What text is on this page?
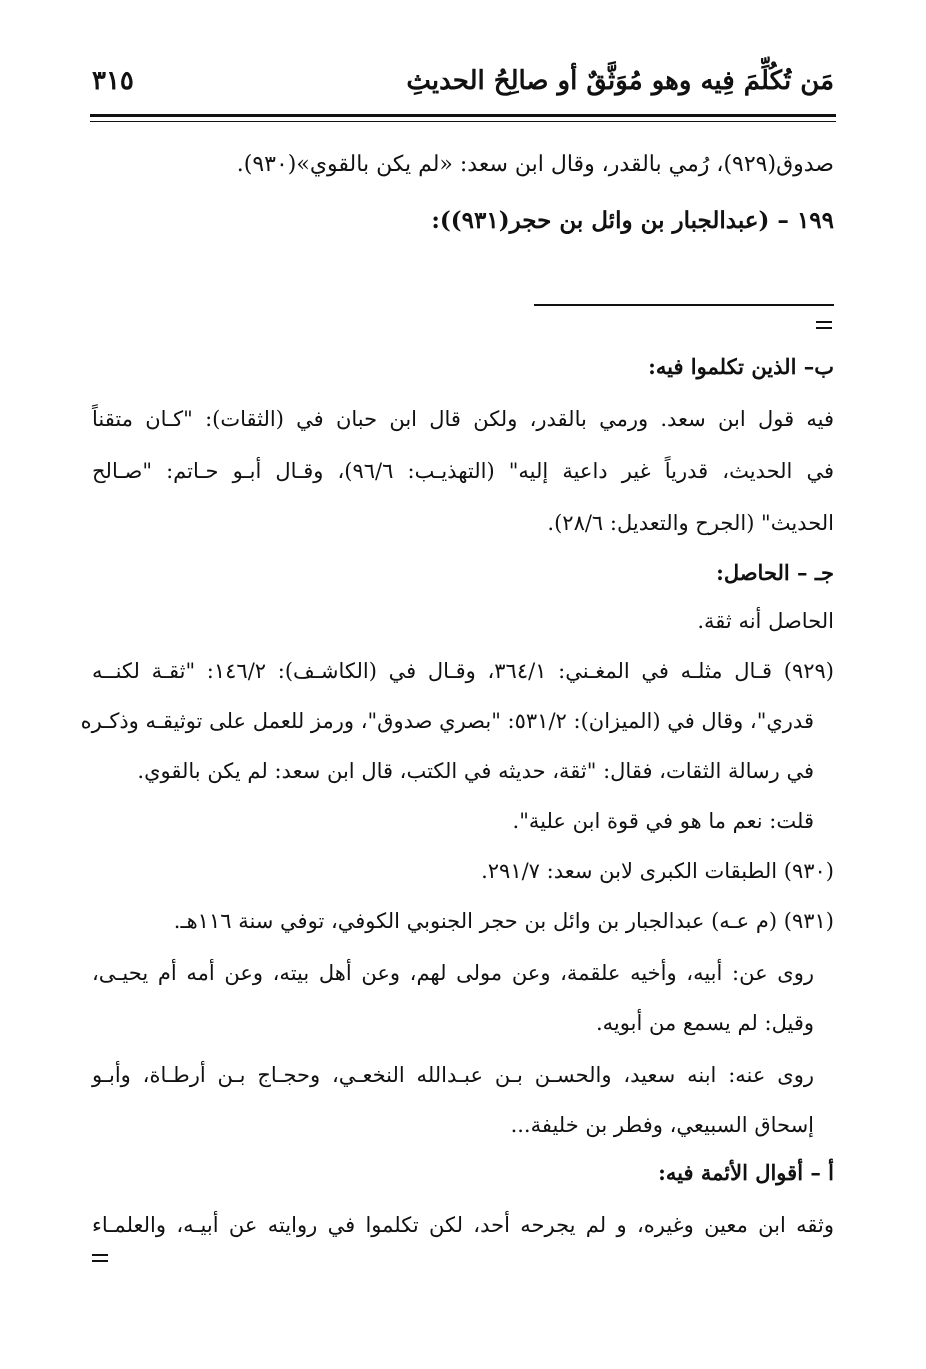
مَن تُكُلِّمَ فِيه وهو مُوَثَّقٌ أو صالِحُ الحديثِ
٣١٥
صدوق(٩٢٩)، رُمي بالقدر، وقال ابن سعد: «لم يكن بالقوي»(٩٣٠).
١٩٩ – (عبدالجبار بن وائل بن حجر(٩٣١)):
ب– الذين تكلموا فيه:
فيه قول ابن سعد. ورمي بالقدر، ولكن قال ابن حبان في (الثقات): "كـان متقناً
في الحديث، قدرياً غير داعية إليه" (التهذيـب: ٩٦/٦)، وقـال أبـو حـاتم: "صـالح
الحديث" (الجرح والتعديل: ٢٨/٦).
جـ – الحاصل:
الحاصل أنه ثقة.
(٩٢٩) قـال مثلـه في المغـني: ٣٦٤/١، وقـال في (الكاشـف): ١٤٦/٢: "ثقـة لكنــه
قدري"، وقال في (الميزان): ٥٣١/٢: "بصري صدوق"، ورمز للعمل على توثيقـه وذكـره
في رسالة الثقات، فقال: "ثقة، حديثه في الكتب، قال ابن سعد: لم يكن بالقوي.
قلت: نعم ما هو في قوة ابن علية".
(٩٣٠) الطبقات الكبرى لابن سعد: ٢٩١/٧.
(٩٣١) (م عـه) عبدالجبار بن وائل بن حجر الجنوبي الكوفي، توفي سنة ١١٦هـ.
روى عن: أبيه، وأخيه علقمة، وعن مولى لهم، وعن أهل بيته، وعن أمه أم يحيـى،
وقيل: لم يسمع من أبويه.
روى عنه: ابنه سعيد، والحسـن بـن عبـدالله النخعـي، وحجـاج بـن أرطـاة، وأبـو
إسحاق السبيعي، وفطر بن خليفة...
أ – أقوال الأئمة فيه:
وثقه ابن معين وغيره، و لم يجرحه أحد، لكن تكلموا في روايته عن أبيـه، والعلمـاء
